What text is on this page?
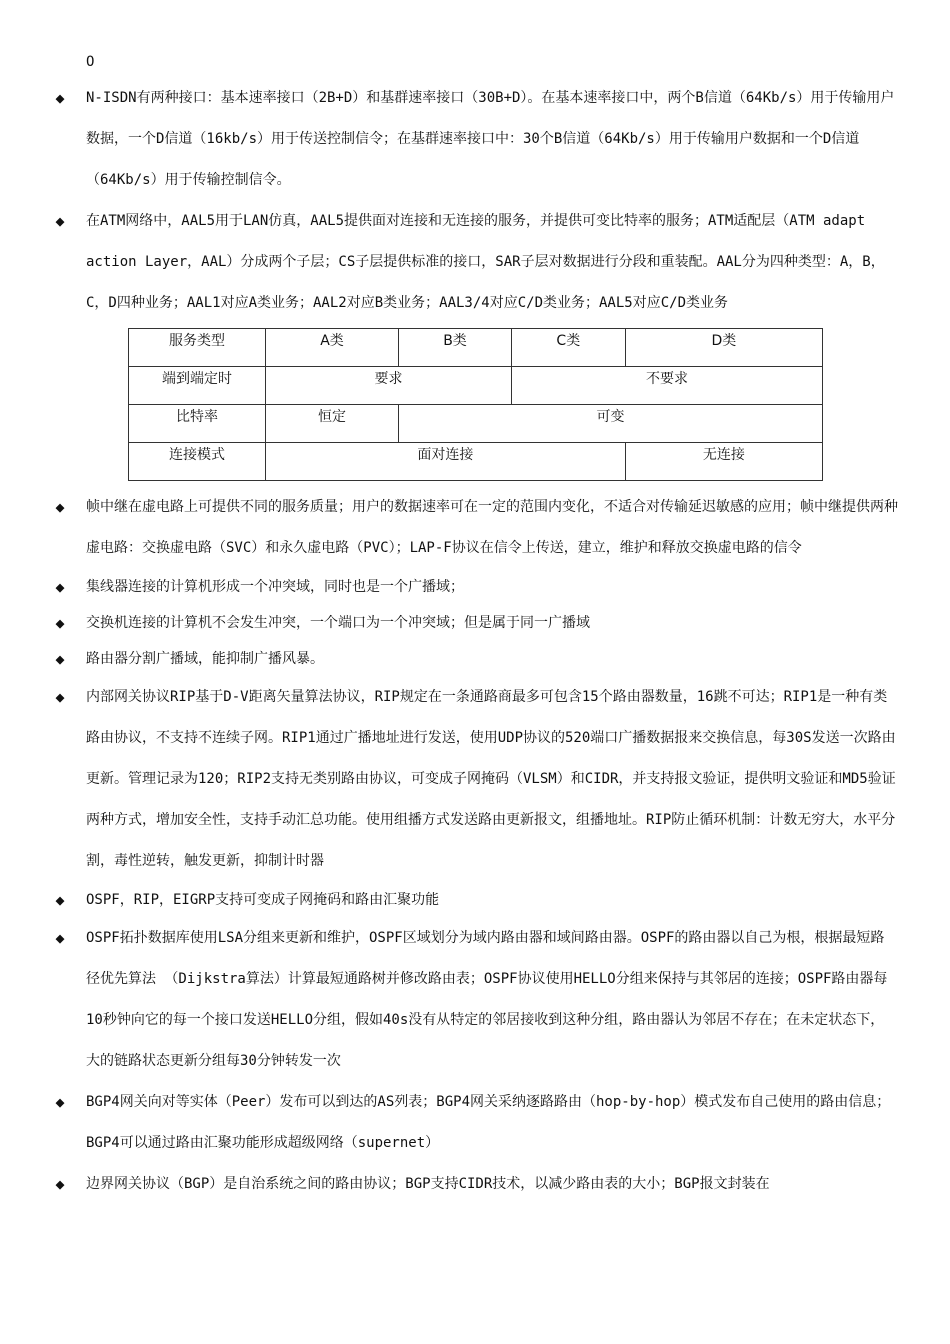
O
◆ N-ISDN有两种接口：基本速率接口（2B+D）和基群速率接口（30B+D）。在基本速率接口中，两个B信道（64Kb/s）用于传输用户数据，一个D信道（16kb/s）用于传送控制信令；在基群速率接口中：30个B信道（64Kb/s）用于传输用户数据和一个D信道（64Kb/s）用于传输控制信令。
◆ 在ATM网络中，AAL5用于LAN仿真，AAL5提供面对连接和无连接的服务，并提供可变比特率的服务；ATM适配层（ATM adapt action Layer，AAL）分成两个子层；CS子层提供标准的接口，SAR子层对数据进行分段和重装配。AAL分为四种类型：A，B，C，D四种业务；AAL1对应A类业务；AAL2对应B类业务；AAL3/4对应C/D类业务；AAL5对应C/D类业务
服务类型	A类	B类	C类	D类
端到端定时	要求		不要求	
比特率	恒定	可变		
连接模式	面对连接			无连接
◆ 帧中继在虚电路上可提供不同的服务质量；用户的数据速率可在一定的范围内变化，不适合对传输延迟敏感的应用；帧中继提供两种虚电路：交换虚电路（SVC）和永久虚电路（PVC）；LAP-F协议在信令上传送，建立，维护和释放交换虚电路的信令
◆ 集线器连接的计算机形成一个冲突域，同时也是一个广播域；
◆ 交换机连接的计算机不会发生冲突，一个端口为一个冲突域；但是属于同一广播域
◆ 路由器分割广播域，能抑制广播风暴。
◆ 内部网关协议RIP基于D-V距离矢量算法协议，RIP规定在一条通路商最多可包含15个路由器数量，16跳不可达；RIP1是一种有类路由协议，不支持不连续子网。RIP1通过广播地址进行发送，使用UDP协议的520端口广播数据报来交换信息，每30S发送一次路由更新。管理记录为120；RIP2支持无类别路由协议，可变成子网掩码（VLSM）和CIDR，并支持报文验证，提供明文验证和MD5验证两种方式，增加安全性，支持手动汇总功能。使用组播方式发送路由更新报文，组播地址。RIP防止循环机制：计数无穷大，水平分割，毒性逆转，触发更新，抑制计时器
◆ OSPF，RIP，EIGRP支持可变成子网掩码和路由汇聚功能
◆ OSPF拓扑数据库使用LSA分组来更新和维护，OSPF区域划分为域内路由器和域间路由器。OSPF的路由器以自己为根，根据最短路径优先算法 （Dijkstra算法）计算最短通路树并修改路由表；OSPF协议使用HELLO分组来保持与其邻居的连接；OSPF路由器每10秒钟向它的每一个接口发送HELLO分组，假如40s没有从特定的邻居接收到这种分组，路由器认为邻居不存在；在未定状态下，大的链路状态更新分组每30分钟转发一次
◆ BGP4网关向对等实体（Peer）发布可以到达的AS列表；BGP4网关采纳逐路路由（hop-by-hop）模式发布自己使用的路由信息；BGP4可以通过路由汇聚功能形成超级网络（supernet）
◆ 边界网关协议（BGP）是自治系统之间的路由协议；BGP支持CIDR技术，以减少路由表的大小；BGP报文封装在
